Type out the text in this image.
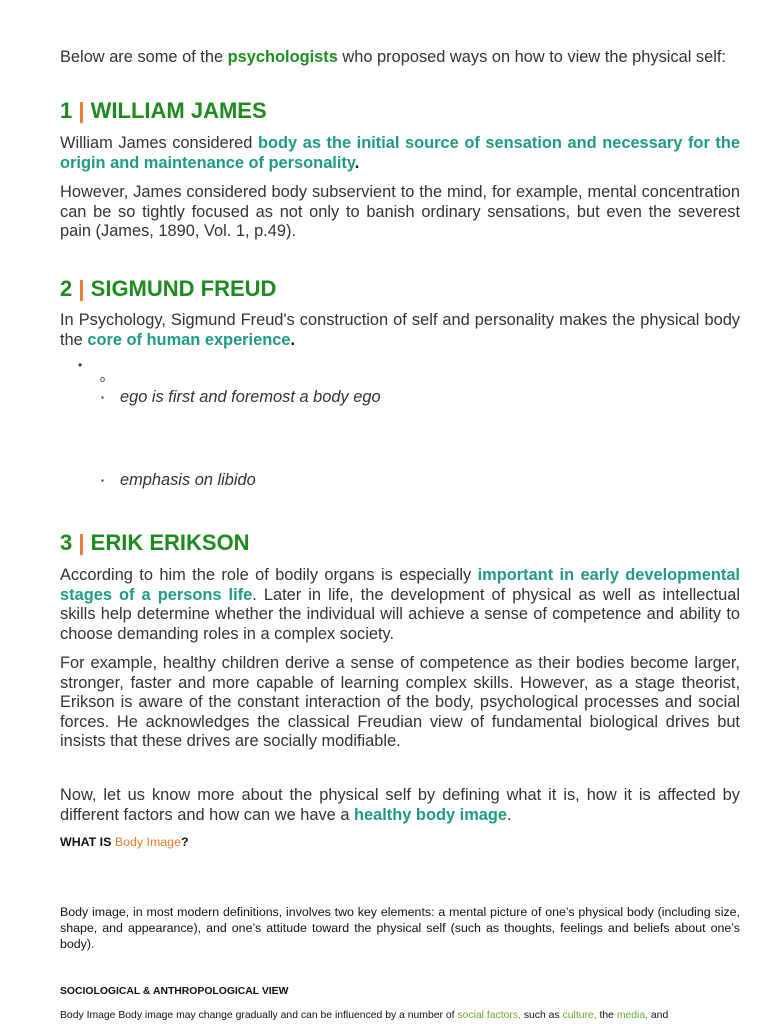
Below are some of the psychologists who proposed ways on how to view the physical self:

1 | WILLIAM JAMES

William James considered body as the initial source of sensation and necessary for the origin and maintenance of personality.

However, James considered body subservient to the mind, for example, mental concentration can be so tightly focused as not only to banish ordinary sensations, but even the severest pain (James, 1890, Vol. 1, p.49).

2 | SIGMUND FREUD

In Psychology, Sigmund Freud's construction of self and personality makes the physical body the core of human experience.

•
o
▪ ego is first and foremost a body ego
▪ emphasis on libido
3 | ERIK ERIKSON

According to him the role of bodily organs is especially important in early developmental stages of a persons life. Later in life, the development of physical as well as intellectual skills help determine whether the individual will achieve a sense of competence and ability to choose demanding roles in a complex society.

For example, healthy children derive a sense of competence as their bodies become larger, stronger, faster and more capable of learning complex skills. However, as a stage theorist, Erikson is aware of the constant interaction of the body, psychological processes and social forces. He acknowledges the classical Freudian view of fundamental biological drives but insists that these drives are socially modifiable.

Now, let us know more about the physical self by defining what it is, how it is affected by different factors and how can we have a healthy body image.

WHAT IS Body Image?

Body image, in most modern definitions, involves two key elements: a mental picture of one’s physical body (including size, shape, and appearance), and one’s attitude toward the physical self (such as thoughts, feelings and beliefs about one’s body).

SOCIOLOGICAL & ANTHROPOLOGICAL VIEW

Body Image Body image may change gradually and can be influenced by a number of social factors, such as culture, the media, and
